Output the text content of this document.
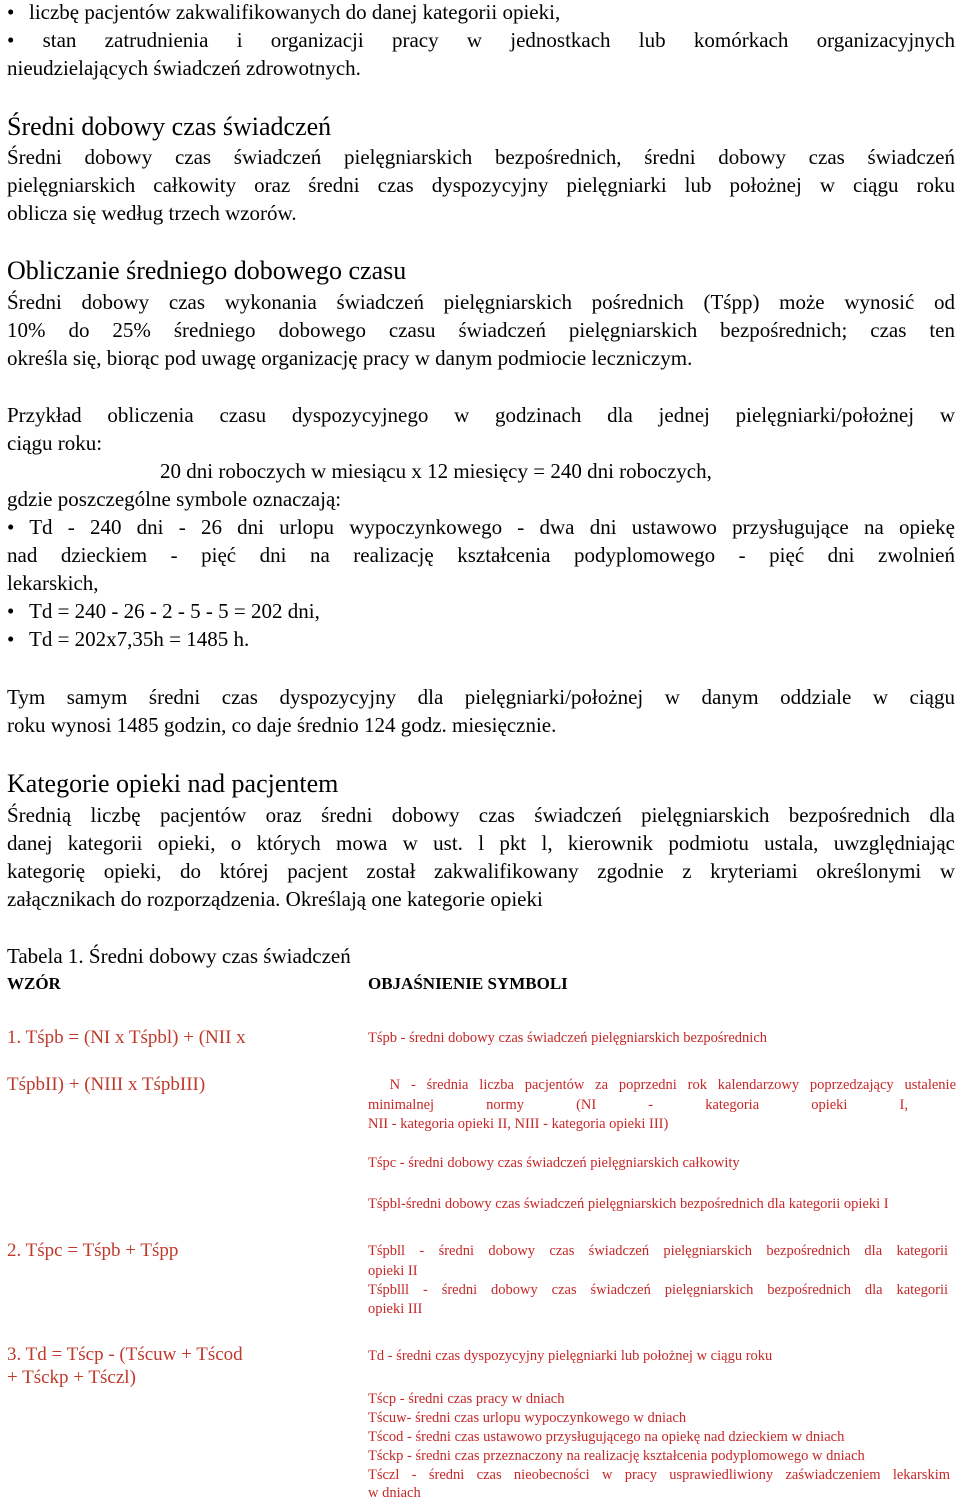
• liczbę pacjentów zakwalifikowanych do danej kategorii opieki,
• stan zatrudnienia i organizacji pracy w jednostkach lub komórkach organizacyjnych
nieudzielających świadczeń zdrowotnych.
Średni dobowy czas świadczeń
Średni dobowy czas świadczeń pielęgniarskich bezpośrednich, średni dobowy czas świadczeń
pielęgniarskich całkowity oraz średni czas dyspozycyjny pielęgniarki lub położnej w ciągu roku
oblicza się według trzech wzorów.
Obliczanie średniego dobowego czasu
Średni dobowy czas wykonania świadczeń pielęgniarskich pośrednich (Tśpp) może wynosić od
10% do 25% średniego dobowego czasu świadczeń pielęgniarskich bezpośrednich; czas ten
określa się, biorąc pod uwagę organizację pracy w danym podmiocie leczniczym.
Przykład obliczenia czasu dyspozycyjnego w godzinach dla jednej pielęgniarki/położnej w
ciągu roku:
20 dni roboczych w miesiącu x 12 miesięcy = 240 dni roboczych,
gdzie poszczególne symbole oznaczają:
• Td - 240 dni - 26 dni urlopu wypoczynkowego - dwa dni ustawowo przysługujące na opiekę
nad dzieckiem - pięć dni na realizację kształcenia podyplomowego - pięć dni zwolnień
lekarskich,
• Td = 240 - 26 - 2 - 5 - 5 = 202 dni,
• Td = 202x7,35h = 1485 h.
Tym samym średni czas dyspozycyjny dla pielęgniarki/położnej w danym oddziale w ciągu
roku wynosi 1485 godzin, co daje średnio 124 godz. miesięcznie.
Kategorie opieki nad pacjentem
Średnią liczbę pacjentów oraz średni dobowy czas świadczeń pielęgniarskich bezpośrednich dla
danej kategorii opieki, o których mowa w ust. l pkt l, kierownik podmiotu ustala, uwzględniając
kategorię opieki, do której pacjent został zakwalifikowany zgodnie z kryteriami określonymi w
załącznikach do rozporządzenia. Określają one kategorie opieki
Tabela 1. Średni dobowy czas świadczeń
WZÓR	OBJAŚNIENIE SYMBOLI
1. Tśpb = (NI x Tśpbl) + (NII x
TśpbII) + (NIII x TśpbIII)
2. Tśpc = Tśpb + Tśpp
3. Td = Tścp - (Tścuw + Tścod
+ Tśckp + Tśczl)
Tśpb - średni dobowy czas świadczeń pielęgniarskich bezpośrednich
N - średnia liczba pacjentów za poprzedni rok kalendarzowy poprzedzający ustalenie
minimalnej normy (NI - kategoria opieki I,
NII - kategoria opieki II, NIII - kategoria opieki III)
Tśpc - średni dobowy czas świadczeń pielęgniarskich całkowity
Tśpbl-średni dobowy czas świadczeń pielęgniarskich bezpośrednich dla kategorii opieki I
Tśpbll - średni dobowy czas świadczeń pielęgniarskich bezpośrednich dla kategorii
opieki II
Tśpblll - średni dobowy czas świadczeń pielęgniarskich bezpośrednich dla kategorii
opieki III
Td - średni czas dyspozycyjny pielęgniarki lub położnej w ciągu roku
Tścp - średni czas pracy w dniach
Tścuw- średni czas urlopu wypoczynkowego w dniach
Tścod - średni czas ustawowo przysługującego na opiekę nad dzieckiem w dniach
Tśckp - średni czas przeznaczony na realizację kształcenia podyplomowego w dniach
Tśczl - średni czas nieobecności w pracy usprawiedliwiony zaświadczeniem lekarskim
w dniach
